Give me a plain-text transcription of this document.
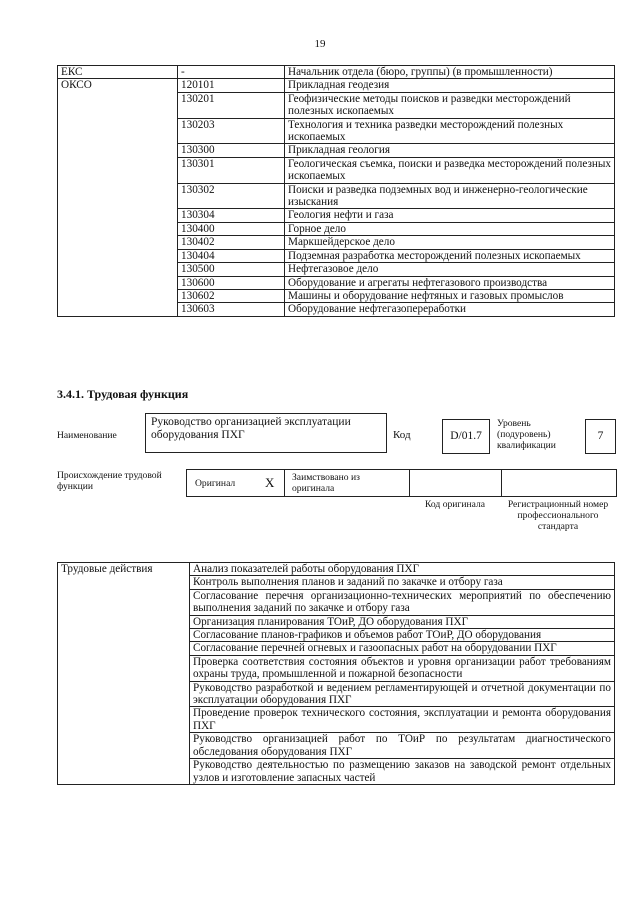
19
ЕКС	-	Начальник отдела (бюро, группы) (в промышленности)
ОКСО	120101	Прикладная геодезия
	130201	Геофизические методы поисков и разведки месторождений полезных ископаемых
	130203	Технология и техника разведки месторождений полезных ископаемых
	130300	Прикладная геология
	130301	Геологическая съемка, поиски и разведка месторождений полезных ископаемых
	130302	Поиски и разведка подземных вод и инженерно-геологические изыскания
	130304	Геология нефти и газа
	130400	Горное дело
	130402	Маркшейдерское дело
	130404	Подземная разработка месторождений полезных ископаемых
	130500	Нефтегазовое дело
	130600	Оборудование и агрегаты нефтегазового производства
	130602	Машины и оборудование нефтяных и газовых промыслов
	130603	Оборудование нефтегазопереработки
3.4.1. Трудовая функция
Наименование
Руководство организацией эксплуатации оборудования ПХГ	Код	D/01.7
Уровень (подуровень) квалификации
7
Происхождение трудовой функции	Оригинал X Заимствовано из оригинала
Код оригинала	Регистрационный номер профессионального стандарта
Трудовые действия	Анализ показателей работы оборудования ПХГ
Контроль выполнения планов и заданий по закачке и отбору газа
Согласование перечня организационно-технических мероприятий по обеспечению выполнения заданий по закачке и отбору газа
Организация планирования ТОиР, ДО оборудования ПХГ
Согласование планов-графиков и объемов работ ТОиР, ДО оборудования
Согласование перечней огневых и газоопасных работ на оборудовании ПХГ
Проверка соответствия состояния объектов и уровня организации работ требованиям охраны труда, промышленной и пожарной безопасности
Руководство разработкой и ведением регламентирующей и отчетной документации по эксплуатации оборудования ПХГ
Проведение проверок технического состояния, эксплуатации и ремонта оборудования ПХГ
Руководство организацией работ по ТОиР по результатам диагностического обследования оборудования ПХГ
Руководство деятельностью по размещению заказов на заводской ремонт отдельных узлов и изготовление запасных частей
